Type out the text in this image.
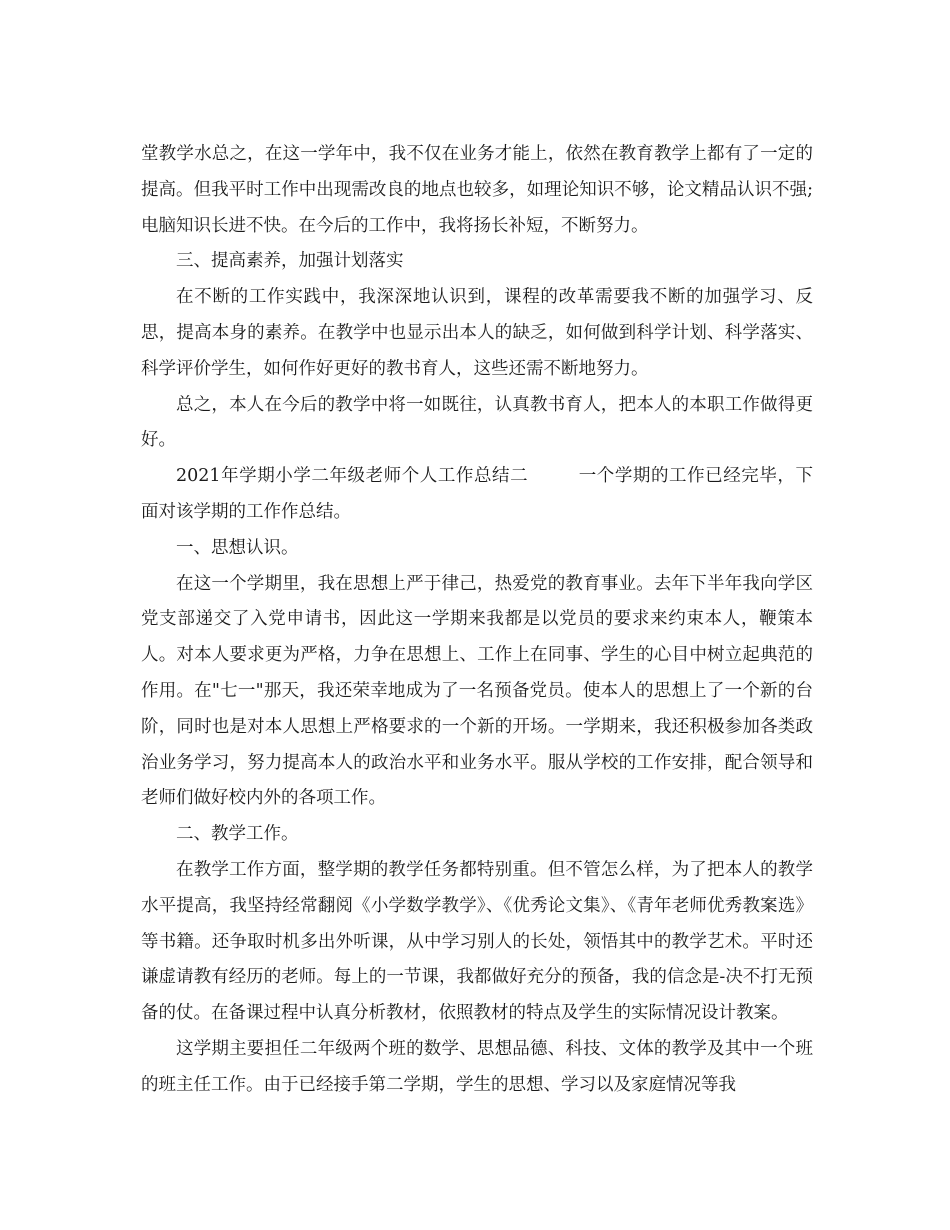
堂教学水总之，在这一学年中，我不仅在业务才能上，依然在教育教学上都有了一定的提高。但我平时工作中出现需改良的地点也较多，如理论知识不够，论文精品认识不强;电脑知识长进不快。在今后的工作中，我将扬长补短，不断努力。

三、提高素养，加强计划落实

在不断的工作实践中，我深深地认识到，课程的改革需要我不断的加强学习、反思，提高本身的素养。在教学中也显示出本人的缺乏，如何做到科学计划、科学落实、科学评价学生，如何作好更好的教书育人，这些还需不断地努力。

总之，本人在今后的教学中将一如既往，认真教书育人，把本人的本职工作做得更好。

2021年学期小学二年级老师个人工作总结二	一个学期的工作已经完毕，下面对该学期的工作作总结。

一、思想认识。

在这一个学期里，我在思想上严于律己，热爱党的教育事业。去年下半年我向学区党支部递交了入党申请书，因此这一学期来我都是以党员的要求来约束本人，鞭策本人。对本人要求更为严格，力争在思想上、工作上在同事、学生的心目中树立起典范的作用。在"七一"那天，我还荣幸地成为了一名预备党员。使本人的思想上了一个新的台阶，同时也是对本人思想上严格要求的一个新的开场。一学期来，我还积极参加各类政治业务学习，努力提高本人的政治水平和业务水平。服从学校的工作安排，配合领导和老师们做好校内外的各项工作。

二、教学工作。

在教学工作方面，整学期的教学任务都特别重。但不管怎么样，为了把本人的教学水平提高，我坚持经常翻阅《小学数学教学》、《优秀论文集》、《青年老师优秀教案选》等书籍。还争取时机多出外听课，从中学习别人的长处，领悟其中的教学艺术。平时还谦虚请教有经历的老师。每上的一节课，我都做好充分的预备，我的信念是-决不打无预备的仗。在备课过程中认真分析教材，依照教材的特点及学生的实际情况设计教案。

这学期主要担任二年级两个班的数学、思想品德、科技、文体的教学及其中一个班的班主任工作。由于已经接手第二学期，学生的思想、学习以及家庭情况等我
